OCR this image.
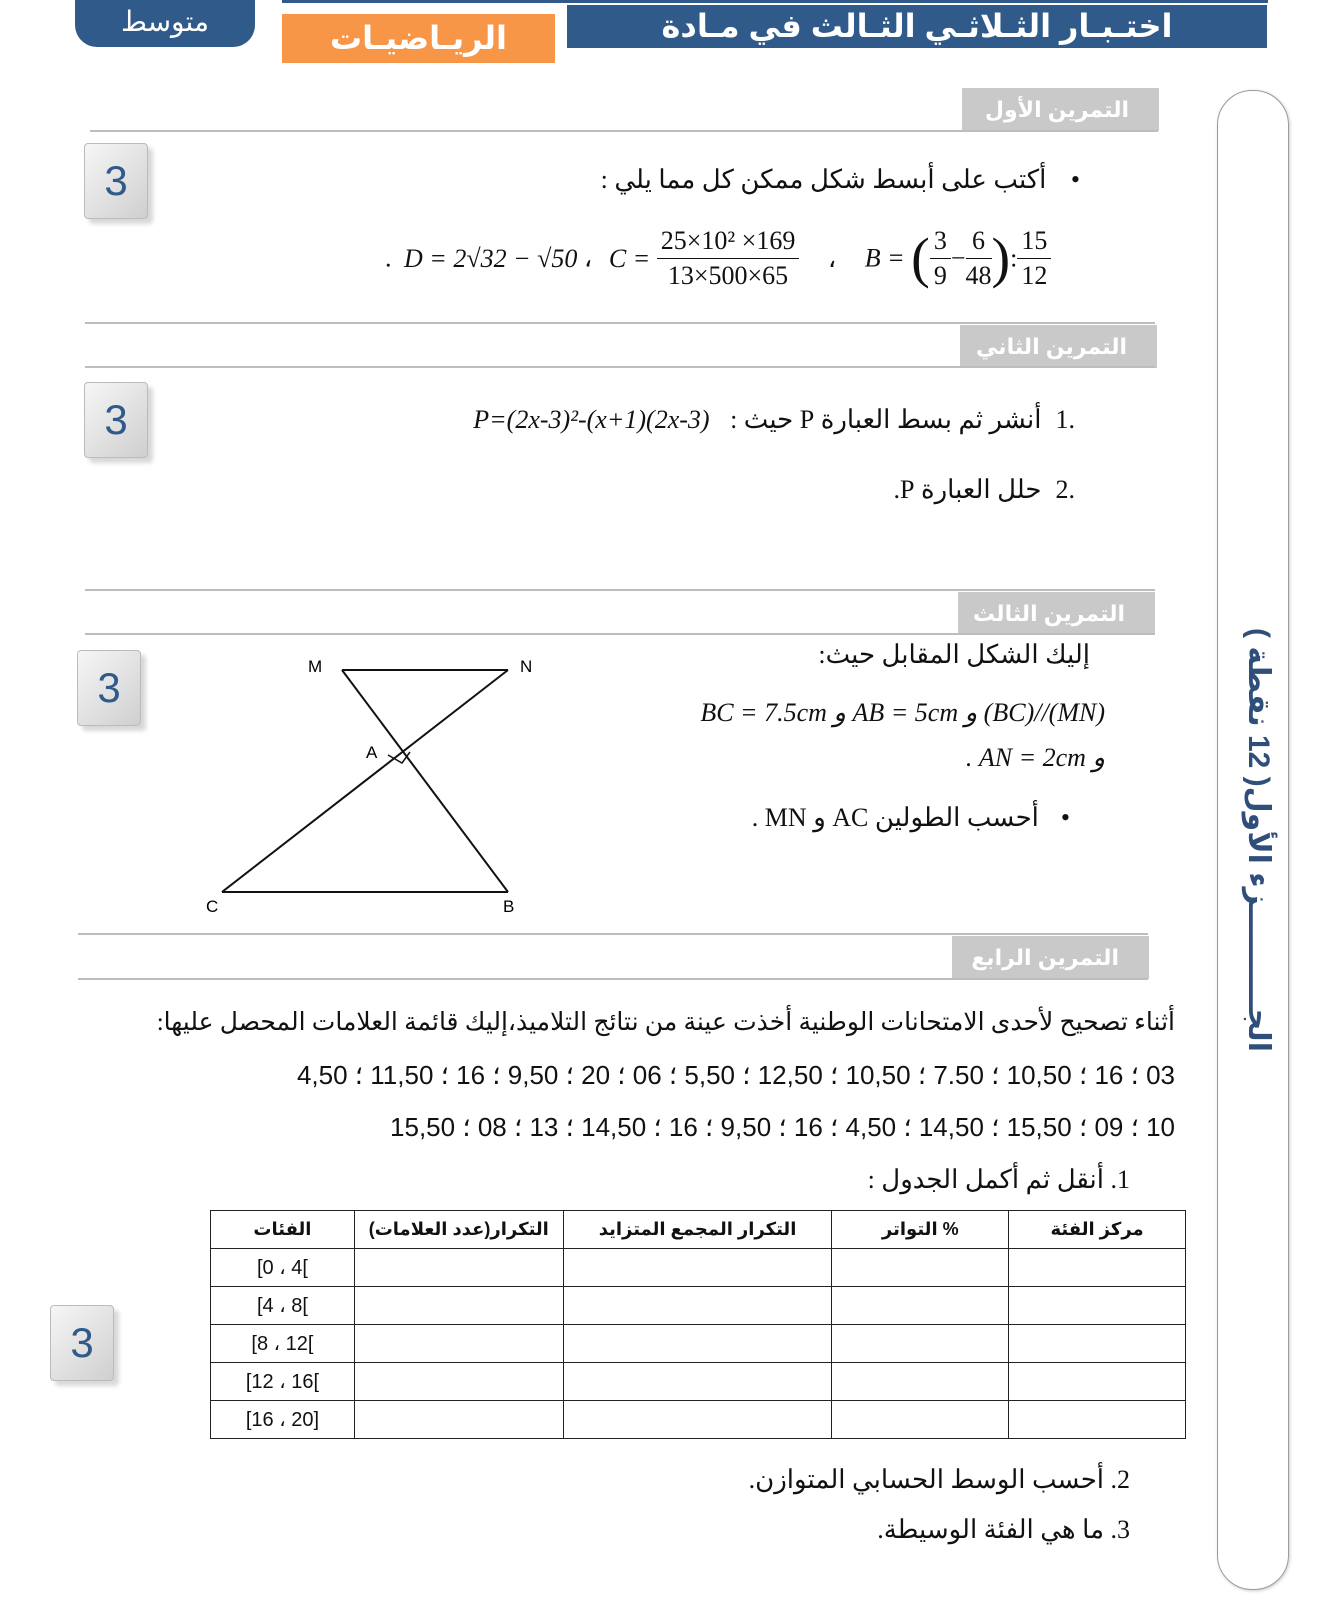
متوسط	الريـاضيـات	اختـبـار الثـلاثـي الثـالث في مـادة
الجــــــــــزء الأول( 12 نقطة )
التمرين الأول
3	• أكتب على أبسط شكل ممكن كل مما يلي :
. D = 2√32 − √50 ، $C = \frac{\text{25×10² ×169}}{13\times 500\times 65}$ ، B = ( $\frac{3}{9} - \frac{6}{48}$ ): $\frac{15}{12}$
التمرين الثاني
3	.1أنشر ثم بسط العبارة P حيث : P=(2x-3)²-(x+1)(2x-3)
.2حلل العبارة P.
التمرين الثالث
3	M	N
A
C	B
إليك الشكل المقابل حيث:
(MN)//(BC) و AB = 5cm و BC = 7.5cm
و AN = 2cm .
•أحسب الطولين AC و MN .
التمرين الرابع
أثناء تصحيح لأحدى الامتحانات الوطنية أخذت عينة من نتائج التلاميذ،إليك قائمة العلامات المحصل عليها:
03 ؛ 16 ؛ 10,50 ؛ 7.50 ؛ 10,50 ؛ 12,50 ؛ 5,50 ؛ 06 ؛ 20 ؛ 9,50 ؛ 16 ؛ 11,50 ؛ 4,50
10 ؛ 09 ؛ 15,50 ؛ 14,50 ؛ 4,50 ؛ 16 ؛ 9,50 ؛ 16 ؛ 14,50 ؛ 13 ؛ 08 ؛ 15,50
1. أنقل ثم أكمل الجدول :
3
الفئات	التكرار(عدد العلامات)	التكرار المجمع المتزايد	التواتر %	مركز الفئة
[0 ، 4[				
[4 ، 8[				
[8 ، 12[				
[12 ، 16[				
[16 ، 20]				
2. أحسب الوسط الحسابي المتوازن.
3. ما هي الفئة الوسيطة.
